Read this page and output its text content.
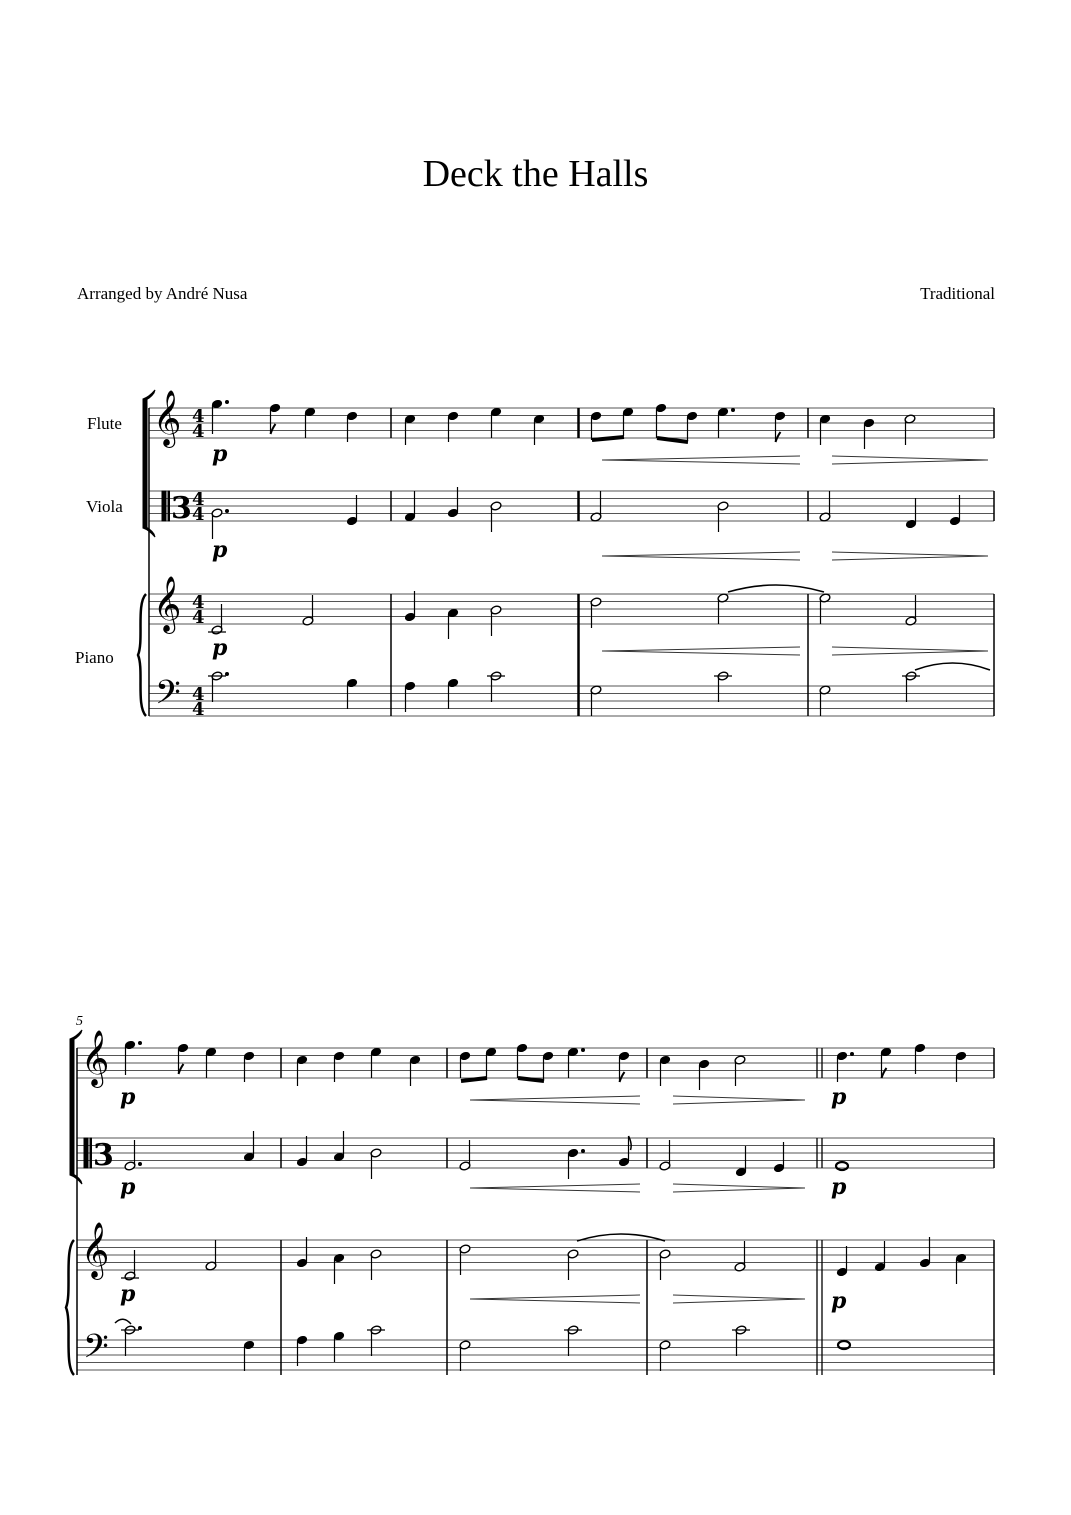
Deck the Halls
Arranged by André Nusa	Traditional
Flute
Viola
Piano
5
𝄞
3
𝄞
𝄢
4
4
4
4
4
4
4
4
p
p
p
𝄞
3
𝄞
𝄢
p
p
p
p
p
p
